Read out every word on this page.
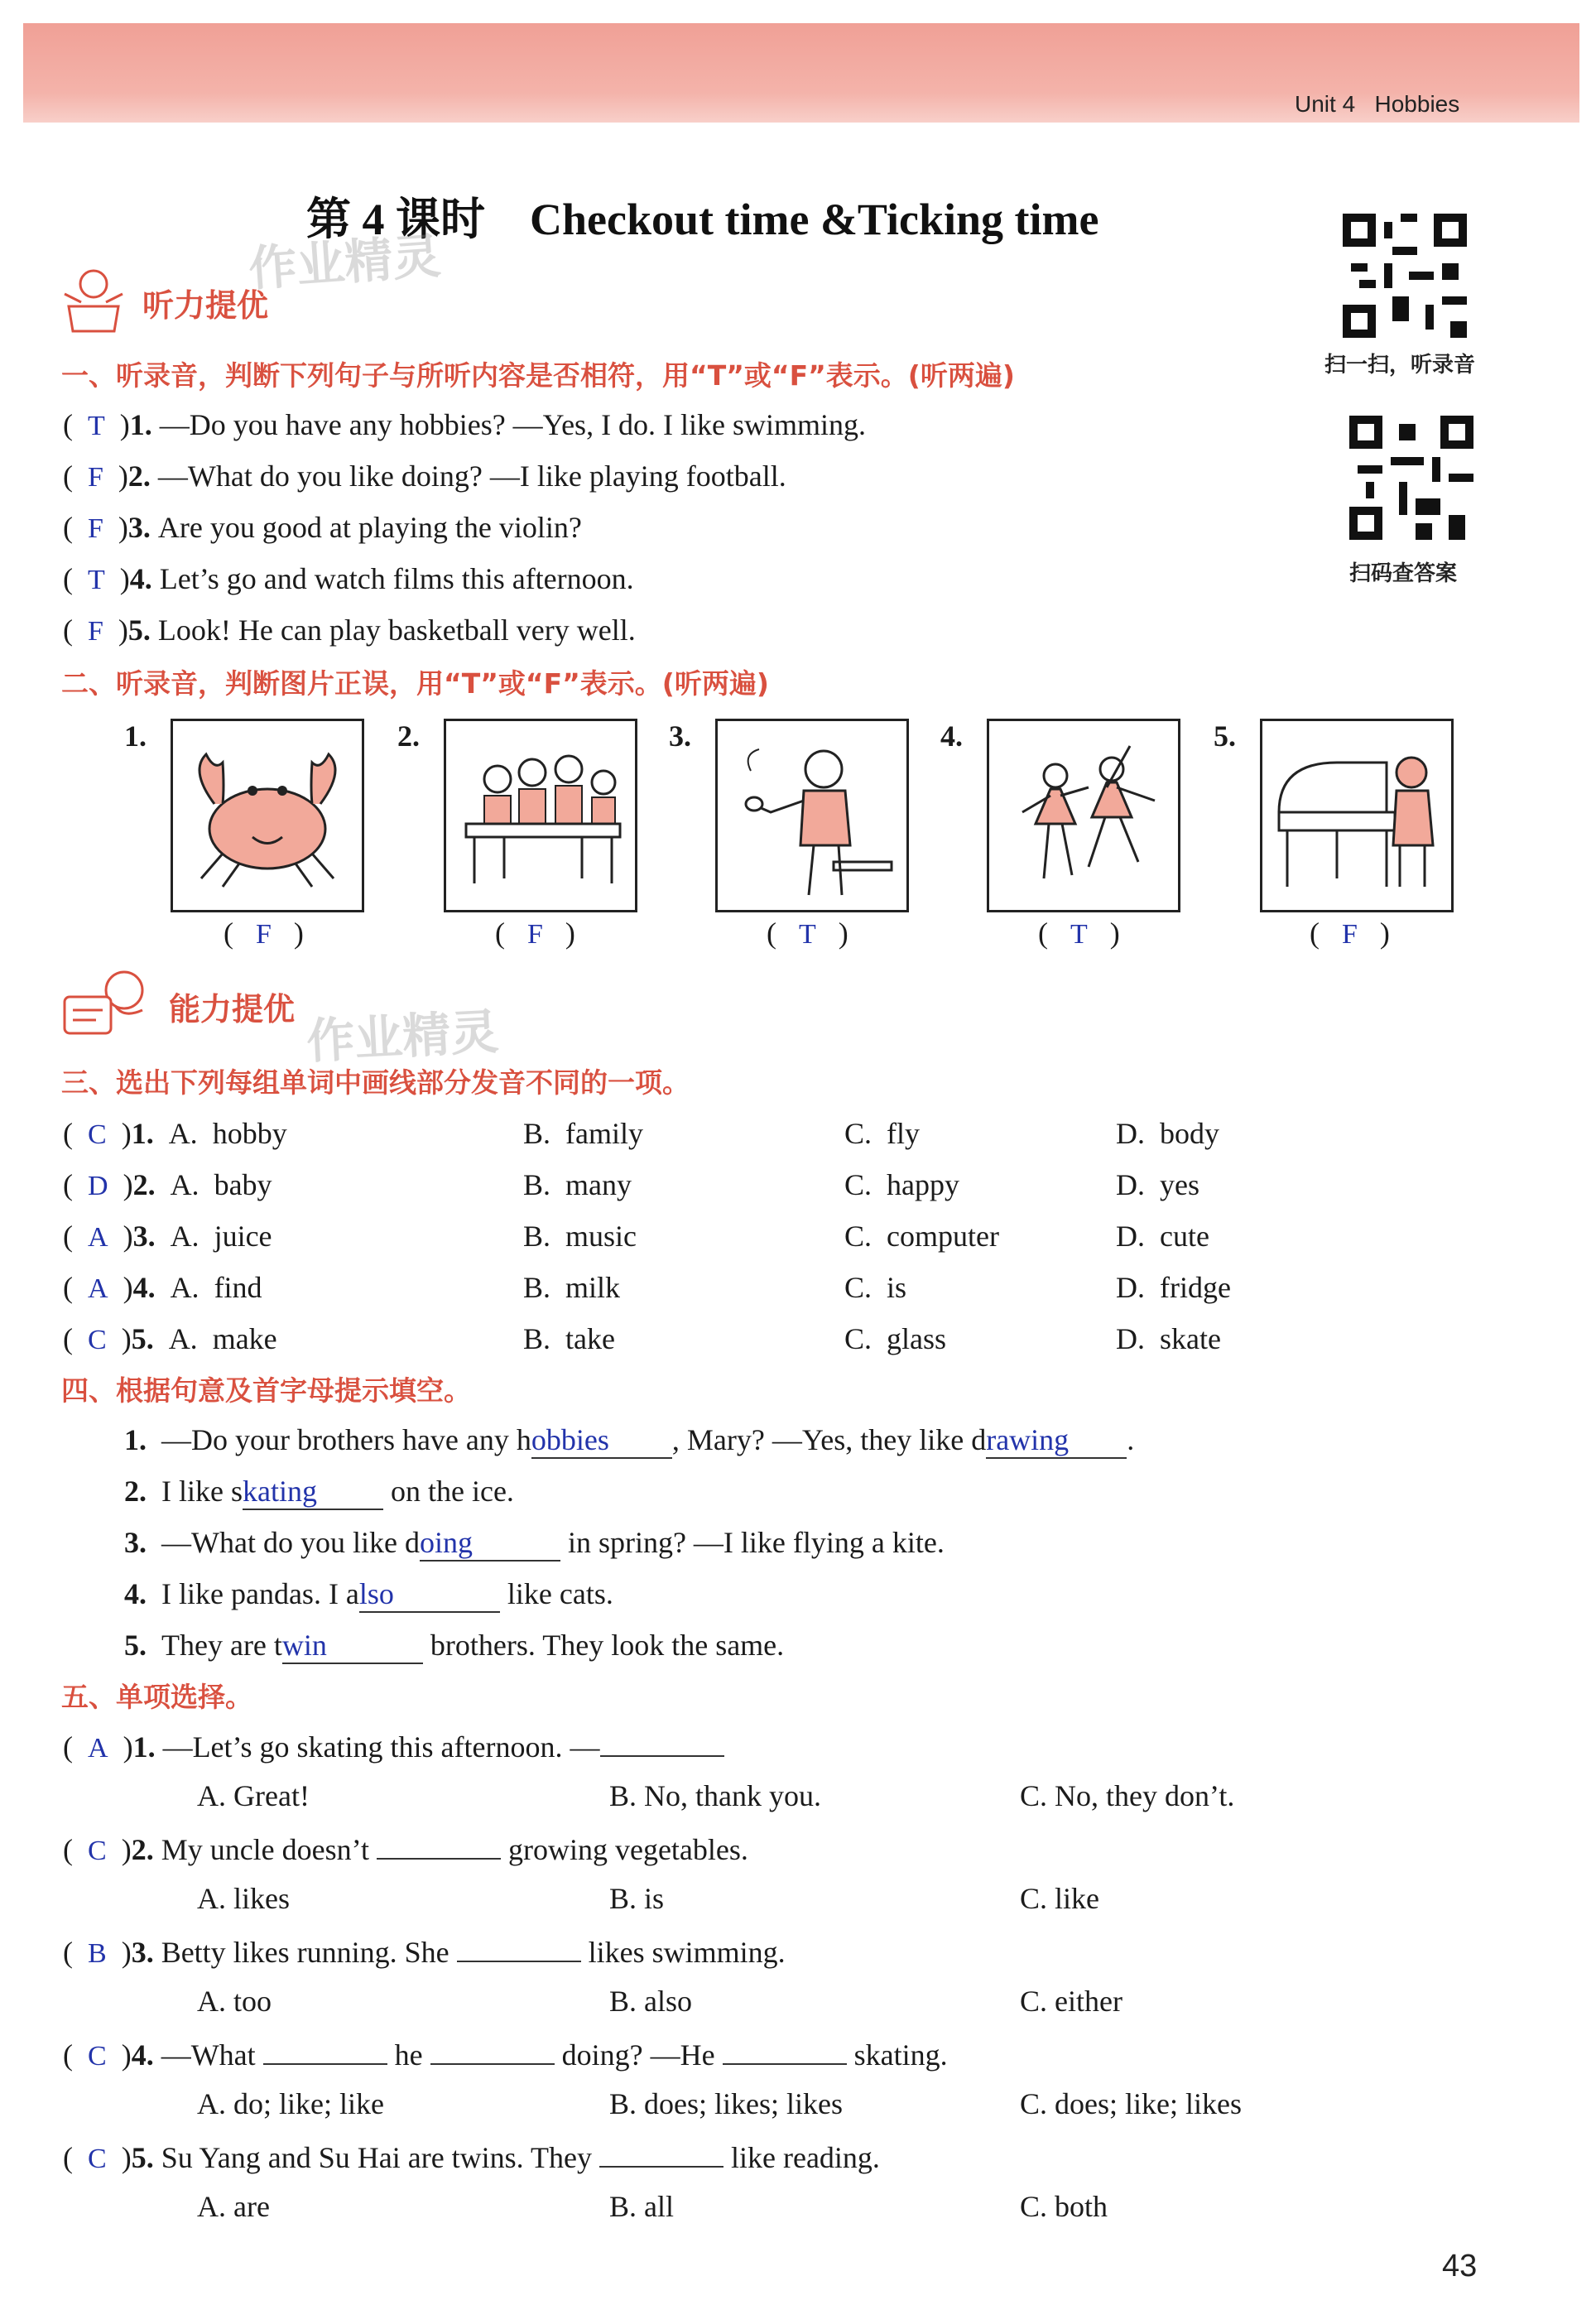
Unit 4 Hobbies
第 4 课时 Checkout time &Ticking time
作业精灵
作业精灵
听力提优
扫一扫，听录音
扫码查答案
一、听录音，判断下列句子与所听内容是否相符，用“T”或“F”表示。(听两遍)
( T )1. —Do you have any hobbies? —Yes, I do. I like swimming.
( F )2. —What do you like doing? —I like playing football.
( F )3. Are you good at playing the violin?
( T )4. Let’s go and watch films this afternoon.
( F )5. Look! He can play basketball very well.
二、听录音，判断图片正误，用“T”或“F”表示。(听两遍)
1.
(   F   )
2.
(   F   )
3.
(   T   )
4.
(   T   )
5.
(   F   )
能力提优
三、选出下列每组单词中画线部分发音不同的一项。
( C )1.  A.  hobby	B.  family	C.  fly	D.  body
( D )2.  A.  baby	B.  many	C.  happy	D.  yes
( A )3.  A.  juice	B.  music	C.  computer	D.  cute
( A )4.  A.  find	B.  milk	C.  is	D.  fridge
( C )5.  A.  make	B.  take	C.  glass	D.  skate
四、根据句意及首字母提示填空。
1. —Do your brothers have any hobbies , Mary? —Yes, they like drawing .
2. I like skating on the ice.
3. —What do you like doing	in spring? —I like flying a kite.
4. I like pandas. I also	like cats.
5. They are twin	brothers. They look the same.
五、单项选择。
( A )1. —Let’s go skating this afternoon. —
A. Great!	B. No, thank you.	C. No, they don’t.
( C )2. My uncle doesn’t	growing vegetables.
A. likes	B. is	C. like
( B )3. Betty likes running. She	likes swimming.
A. too	B. also	C. either
( C )4. —What	he	doing? —He	skating.
A. do; like; like	B. does; likes; likes	C. does; like; likes
( C )5. Su Yang and Su Hai are twins. They	like reading.
A. are	B. all	C. both
43
